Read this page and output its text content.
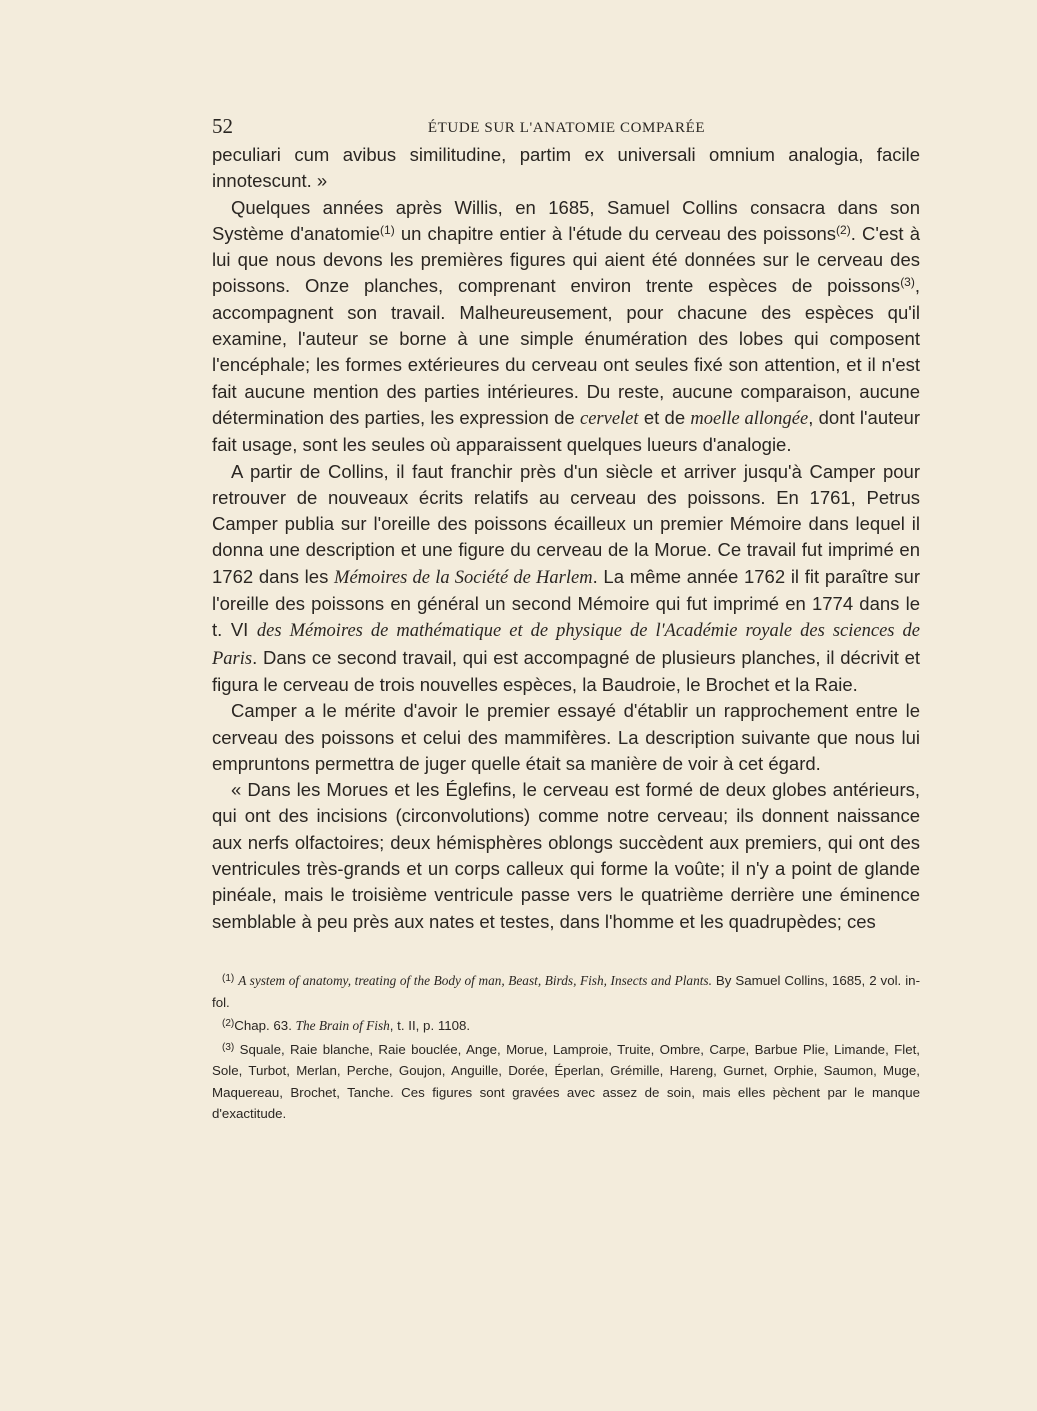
52	ÉTUDE SUR L'ANATOMIE COMPARÉE

peculiari cum avibus similitudine, partim ex universali omnium analogia, facile innotescunt. »

Quelques années après Willis, en 1685, Samuel Collins consacra dans son Système d'anatomie$^{(1)}$ un chapitre entier à l'étude du cerveau des poissons$^{(2)}$. C'est à lui que nous devons les premières figures qui aient été données sur le cerveau des poissons. Onze planches, comprenant environ trente espèces de poissons$^{(3)}$, accompagnent son travail. Malheureusement, pour chacune des espèces qu'il examine, l'auteur se borne à une simple énumération des lobes qui composent l'encéphale; les formes extérieures du cerveau ont seules fixé son attention, et il n'est fait aucune mention des parties intérieures. Du reste, aucune comparaison, aucune détermination des parties, les expression de cervelet et de moelle allongée, dont l'auteur fait usage, sont les seules où apparaissent quelques lueurs d'analogie.

A partir de Collins, il faut franchir près d'un siècle et arriver jusqu'à Camper pour retrouver de nouveaux écrits relatifs au cerveau des poissons. En 1761, Petrus Camper publia sur l'oreille des poissons écailleux un premier Mémoire dans lequel il donna une description et une figure du cerveau de la Morue. Ce travail fut imprimé en 1762 dans les Mémoires de la Société de Harlem. La même année 1762 il fit paraître sur l'oreille des poissons en général un second Mémoire qui fut imprimé en 1774 dans le t. VI des Mémoires de mathématique et de physique de l'Académie royale des sciences de Paris. Dans ce second travail, qui est accompagné de plusieurs planches, il décrivit et figura le cerveau de trois nouvelles espèces, la Baudroie, le Brochet et la Raie.

Camper a le mérite d'avoir le premier essayé d'établir un rapprochement entre le cerveau des poissons et celui des mammifères. La description suivante que nous lui empruntons permettra de juger quelle était sa manière de voir à cet égard.

« Dans les Morues et les Églefins, le cerveau est formé de deux globes antérieurs, qui ont des incisions (circonvolutions) comme notre cerveau; ils donnent naissance aux nerfs olfactoires; deux hémisphères oblongs succèdent aux premiers, qui ont des ventricules très-grands et un corps calleux qui forme la voûte; il n'y a point de glande pinéale, mais le troisième ventricule passe vers le quatrième derrière une éminence semblable à peu près aux nates et testes, dans l'homme et les quadrupèdes; ces

$^{(1)}$ A system of anatomy, treating of the Body of man, Beast, Birds, Fish, Insects and Plants. By Samuel Collins, 1685, 2 vol. in-fol.

$^{(2)}$Chap. 63. The Brain of Fish, t. II, p. 1108.

$^{(3)}$ Squale, Raie blanche, Raie bouclée, Ange, Morue, Lamproie, Truite, Ombre, Carpe, Barbue Plie, Limande, Flet, Sole, Turbot, Merlan, Perche, Goujon, Anguille, Dorée, Éperlan, Grémille, Hareng, Gurnet, Orphie, Saumon, Muge, Maquereau, Brochet, Tanche. Ces figures sont gravées avec assez de soin, mais elles pèchent par le manque d'exactitude.
